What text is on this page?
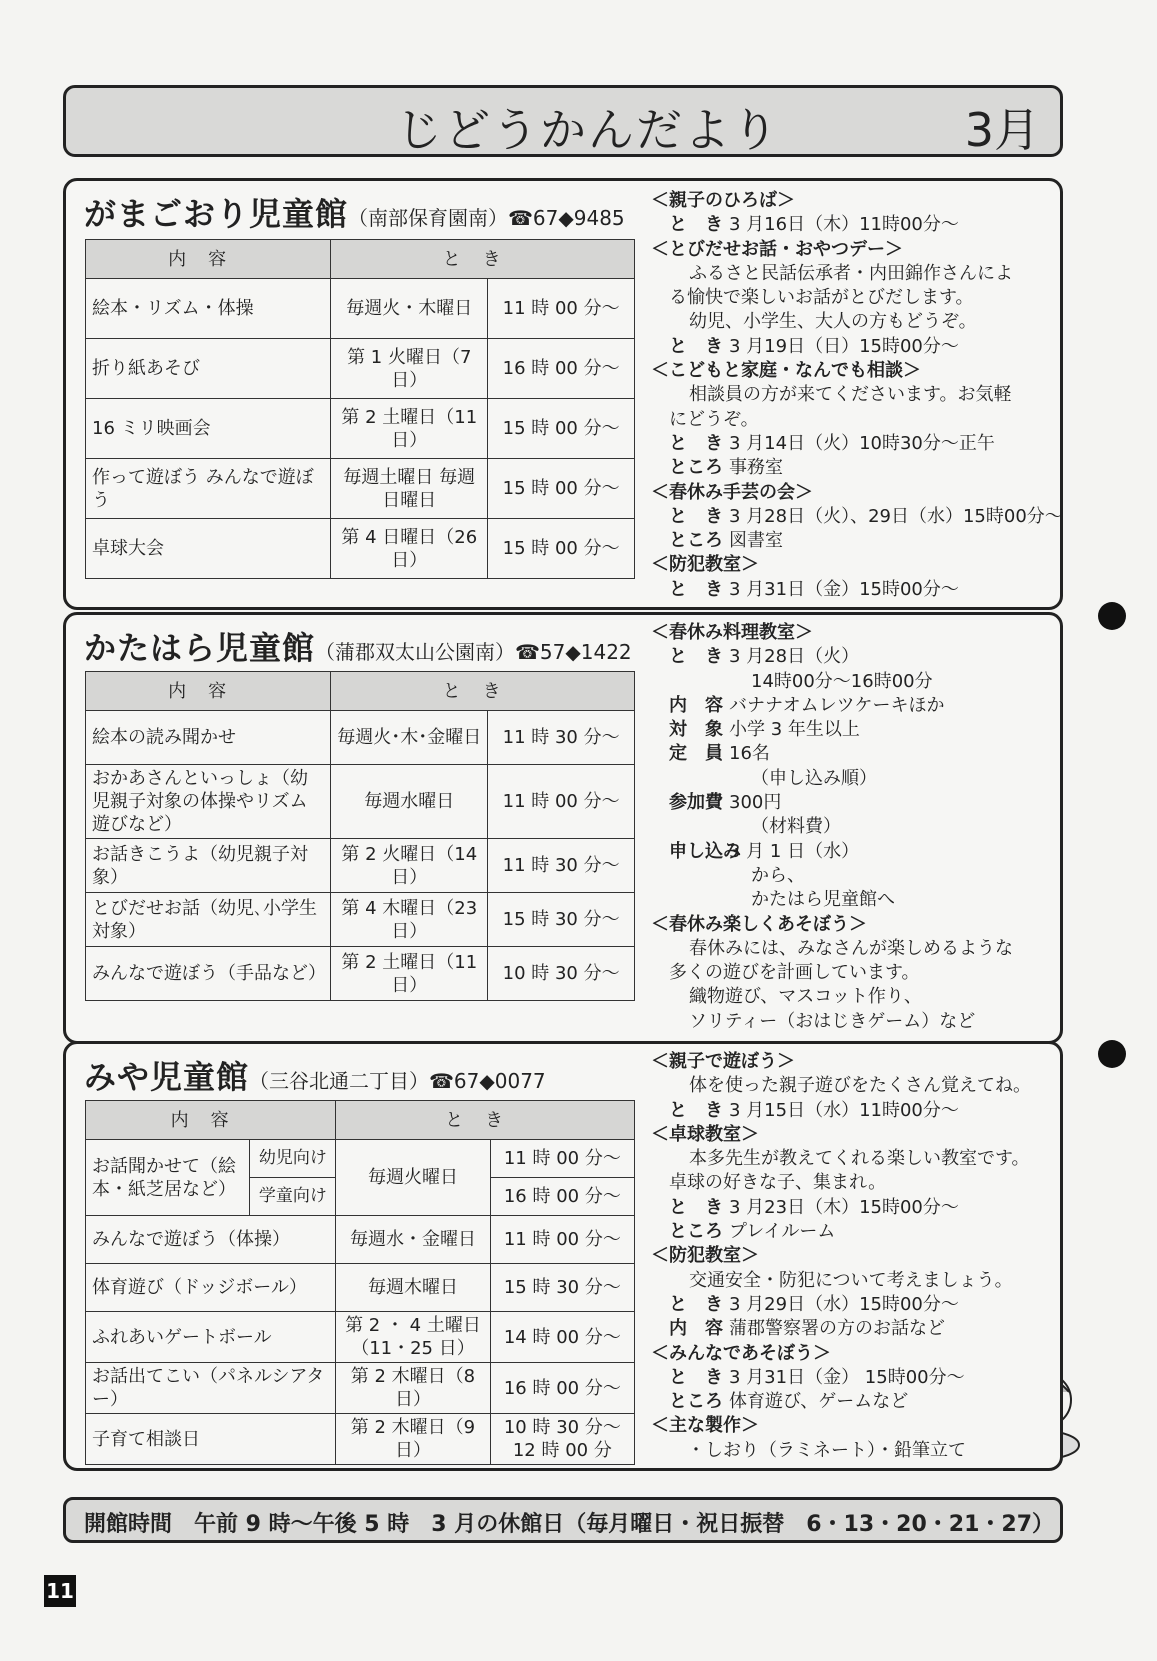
じどうかんだより	3月
がまごおり児童館（南部保育園南）☎67◆9485
内容	とき	
絵本・リズム・体操	毎週火・木曜日	11 時 00 分〜
折り紙あそび	第 1 火曜日（7 日）	16 時 00 分〜
16 ミリ映画会	第 2 土曜日（11日）	15 時 00 分〜
作って遊ぼう みんなで遊ぼう	毎週土曜日 毎週日曜日	15 時 00 分〜
卓球大会	第 4 日曜日（26日）	15 時 00 分〜
＜親子のひろば＞
と　き 3 月16日（木）11時00分〜
＜とびだせお話・おやつデー＞
ふるさと民話伝承者・内田錦作さんによ
る愉快で楽しいお話がとびだします。
幼児、小学生、大人の方もどうぞ。
と　き 3 月19日（日）15時00分〜
＜こどもと家庭・なんでも相談＞
相談員の方が来てくださいます。お気軽
にどうぞ。
と　き 3 月14日（火）10時30分〜正午
ところ 事務室
＜春休み手芸の会＞
と　き 3 月28日（火）、29日（水）15時00分〜
ところ 図書室
＜防犯教室＞
と　き 3 月31日（金）15時00分〜
かたはら児童館（蒲郡双太山公園南）☎57◆1422
内容	とき	
絵本の読み聞かせ	毎週火･木･金曜日	11 時 30 分〜
おかあさんといっしょ（幼児親子対象の体操やリズム遊びなど）	毎週水曜日	11 時 00 分〜
お話きこうよ（幼児親子対象）	第 2 火曜日（14日）	11 時 30 分〜
とびだせお話（幼児､小学生対象）	第 4 木曜日（23日）	15 時 30 分〜
みんなで遊ぼう（手品など）	第 2 土曜日（11日）	10 時 30 分〜
＜春休み料理教室＞
と　き 3 月28日（火）
14時00分〜16時00分
内　容 バナナオムレツケーキほか
対　象 小学 3 年生以上
定　員 16名
（申し込み順）
参加費 300円
（材料費）
申し込み3 月 1 日（水）
から、
かたはら児童館へ
＜春休み楽しくあそぼう＞
春休みには、みなさんが楽しめるような
多くの遊びを計画しています。
織物遊び、マスコット作り、
ソリティー（おはじきゲーム）など
みや児童館（三谷北通二丁目）☎67◆0077
内容		とき	
お話聞かせて（絵本・紙芝居など）	幼児向け	毎週火曜日	11 時 00 分〜
	学童向け		16 時 00 分〜
みんなで遊ぼう（体操）		毎週水・金曜日	11 時 00 分〜
体育遊び（ドッジボール）		毎週木曜日	15 時 30 分〜
ふれあいゲートボール		第 2 ・ 4 土曜日（11・25 日）	14 時 00 分〜
お話出てこい（パネルシアター）		第 2 木曜日（8 日）	16 時 00 分〜
子育て相談日		第 2 木曜日（9 日）	10 時 30 分〜 12 時 00 分
＜親子で遊ぼう＞
体を使った親子遊びをたくさん覚えてね。
と　き 3 月15日（水）11時00分〜
＜卓球教室＞
本多先生が教えてくれる楽しい教室です。
卓球の好きな子、集まれ。
と　き 3 月23日（木）15時00分〜
ところ プレイルーム
＜防犯教室＞
交通安全・防犯について考えましょう。
と　き 3 月29日（水）15時00分〜
内　容 蒲郡警察署の方のお話など
＜みんなであそぼう＞
と　き 3 月31日（金） 15時00分〜
ところ 体育遊び、ゲームなど
＜主な製作＞
　・しおり（ラミネート）・鉛筆立て
開館時間　午前 9 時〜午後 5 時 3 月の休館日（毎月曜日・祝日振替　6・13・20・21・27）
11
